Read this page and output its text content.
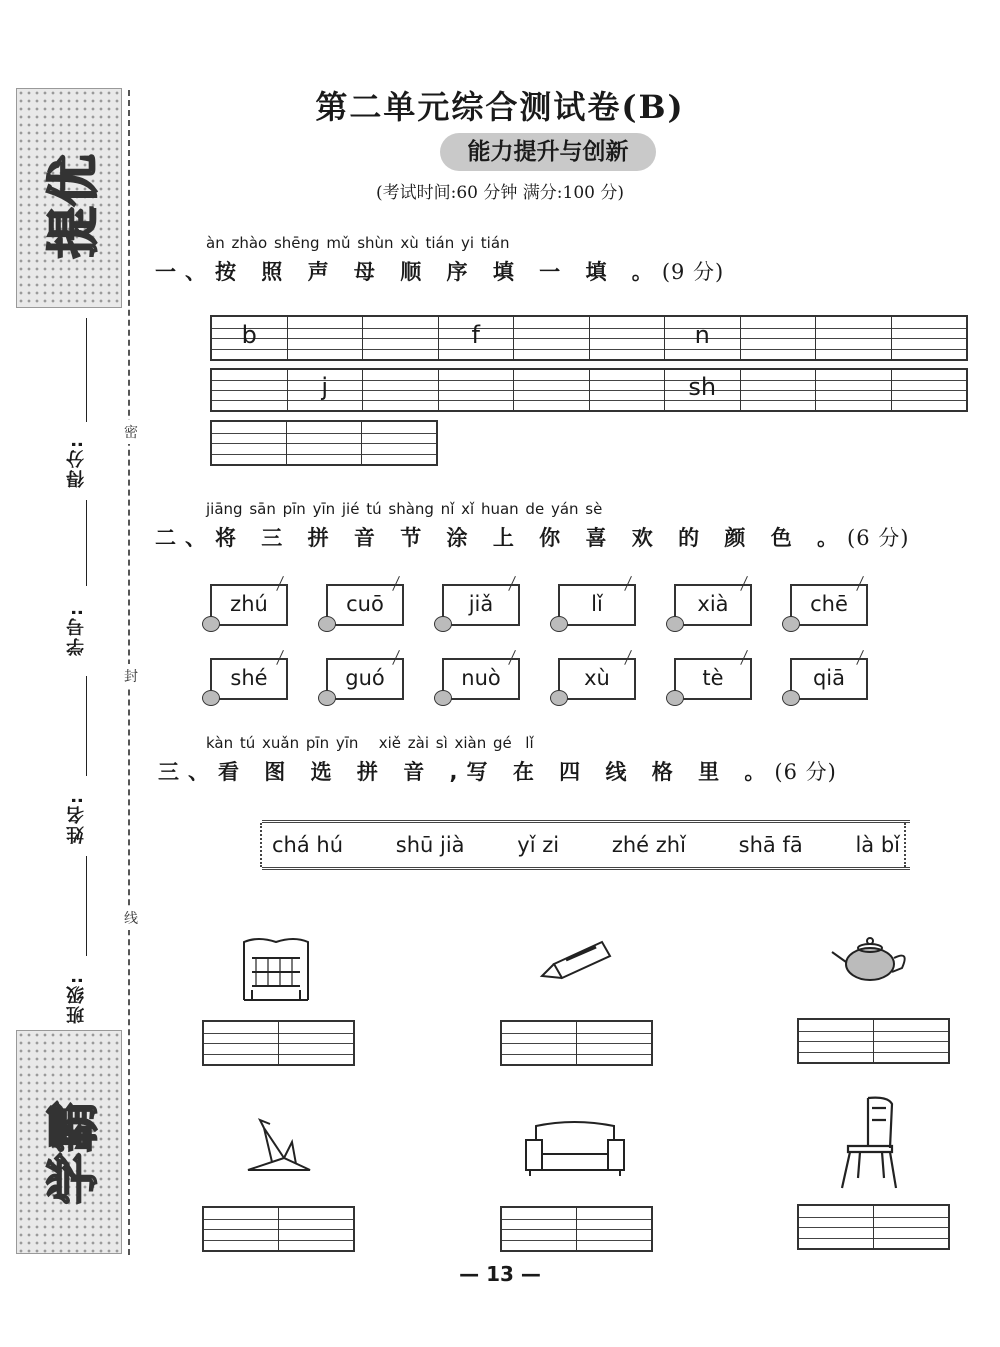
提优
学霸
密
封
线
得分:
学号:
姓名:
班级:
第二单元综合测试卷(B)
能力提升与创新
(考试时间:60 分钟 满分:100 分)
àn zhào shēng mǔ shùn xù tián yi tián
一、按 照 声 母 顺 序 填 一 填 。(9 分)
b	f	n
j	sh
jiāng sān pīn yīn jié tú shàng nǐ xǐ huan de yán sè
二、将 三 拼 音 节 涂 上 你 喜 欢 的 颜 色 。(6 分)
zhú	cuō	jiǎ	lǐ	xià	chē
shé	guó	nuò	xù	tè	qiā
kàn tú xuǎn pīn yīn   xiě zài sì xiàn gé  lǐ
三、看 图 选 拼 音 ,写 在 四 线 格 里 。(6 分)
chá hú	shū jià	yǐ zi	zhé zhǐ	shā fā	là bǐ
— 13 —
